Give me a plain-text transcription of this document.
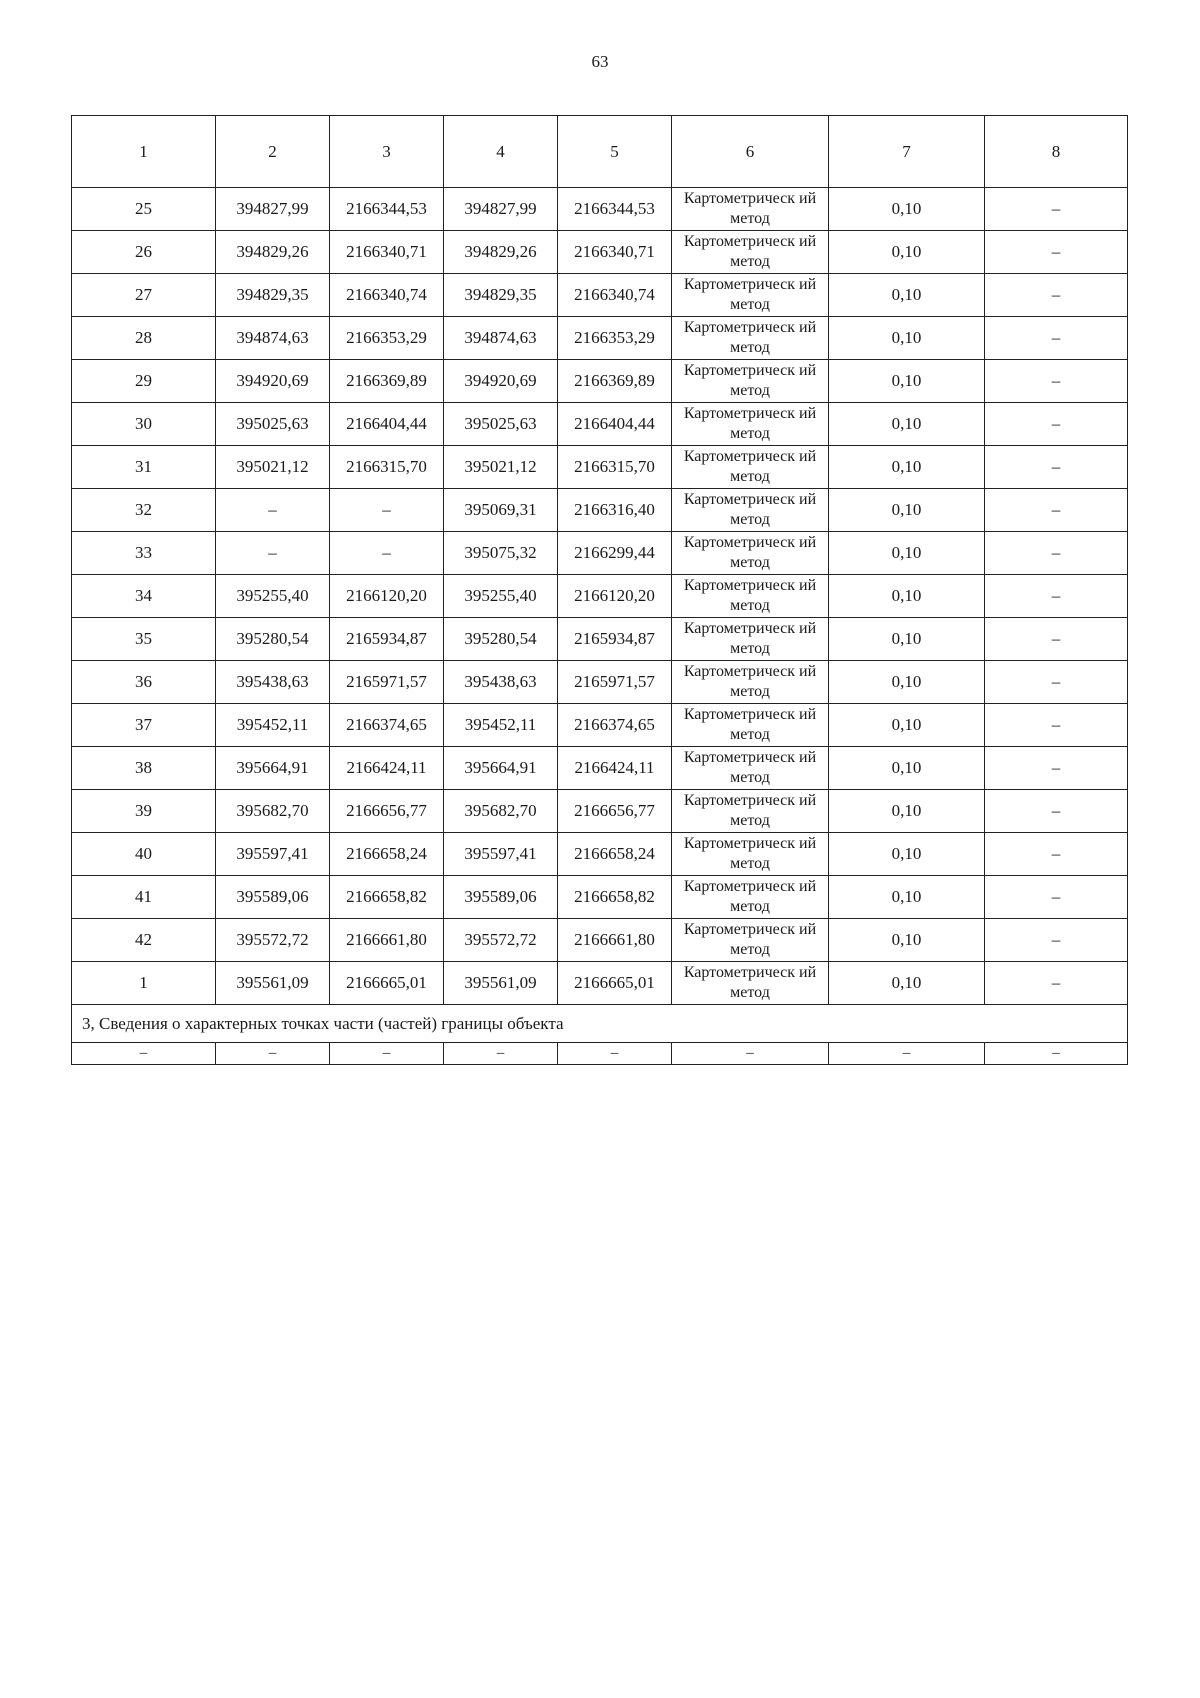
63
1	2	3	4	5	6	7	8
25	394827,99	2166344,53	394827,99	2166344,53	Картометрическ ий метод	0,10	–
26	394829,26	2166340,71	394829,26	2166340,71	Картометрическ ий метод	0,10	–
27	394829,35	2166340,74	394829,35	2166340,74	Картометрическ ий метод	0,10	–
28	394874,63	2166353,29	394874,63	2166353,29	Картометрическ ий метод	0,10	–
29	394920,69	2166369,89	394920,69	2166369,89	Картометрическ ий метод	0,10	–
30	395025,63	2166404,44	395025,63	2166404,44	Картометрическ ий метод	0,10	–
31	395021,12	2166315,70	395021,12	2166315,70	Картометрическ ий метод	0,10	–
32	–	–	395069,31	2166316,40	Картометрическ ий метод	0,10	–
33	–	–	395075,32	2166299,44	Картометрическ ий метод	0,10	–
34	395255,40	2166120,20	395255,40	2166120,20	Картометрическ ий метод	0,10	–
35	395280,54	2165934,87	395280,54	2165934,87	Картометрическ ий метод	0,10	–
36	395438,63	2165971,57	395438,63	2165971,57	Картометрическ ий метод	0,10	–
37	395452,11	2166374,65	395452,11	2166374,65	Картометрическ ий метод	0,10	–
38	395664,91	2166424,11	395664,91	2166424,11	Картометрическ ий метод	0,10	–
39	395682,70	2166656,77	395682,70	2166656,77	Картометрическ ий метод	0,10	–
40	395597,41	2166658,24	395597,41	2166658,24	Картометрическ ий метод	0,10	–
41	395589,06	2166658,82	395589,06	2166658,82	Картометрическ ий метод	0,10	–
42	395572,72	2166661,80	395572,72	2166661,80	Картометрическ ий метод	0,10	–
1	395561,09	2166665,01	395561,09	2166665,01	Картометрическ ий метод	0,10	–
3, Сведения о характерных точках части (частей) границы объекта							
–	–	–	–	–	–	–	–
